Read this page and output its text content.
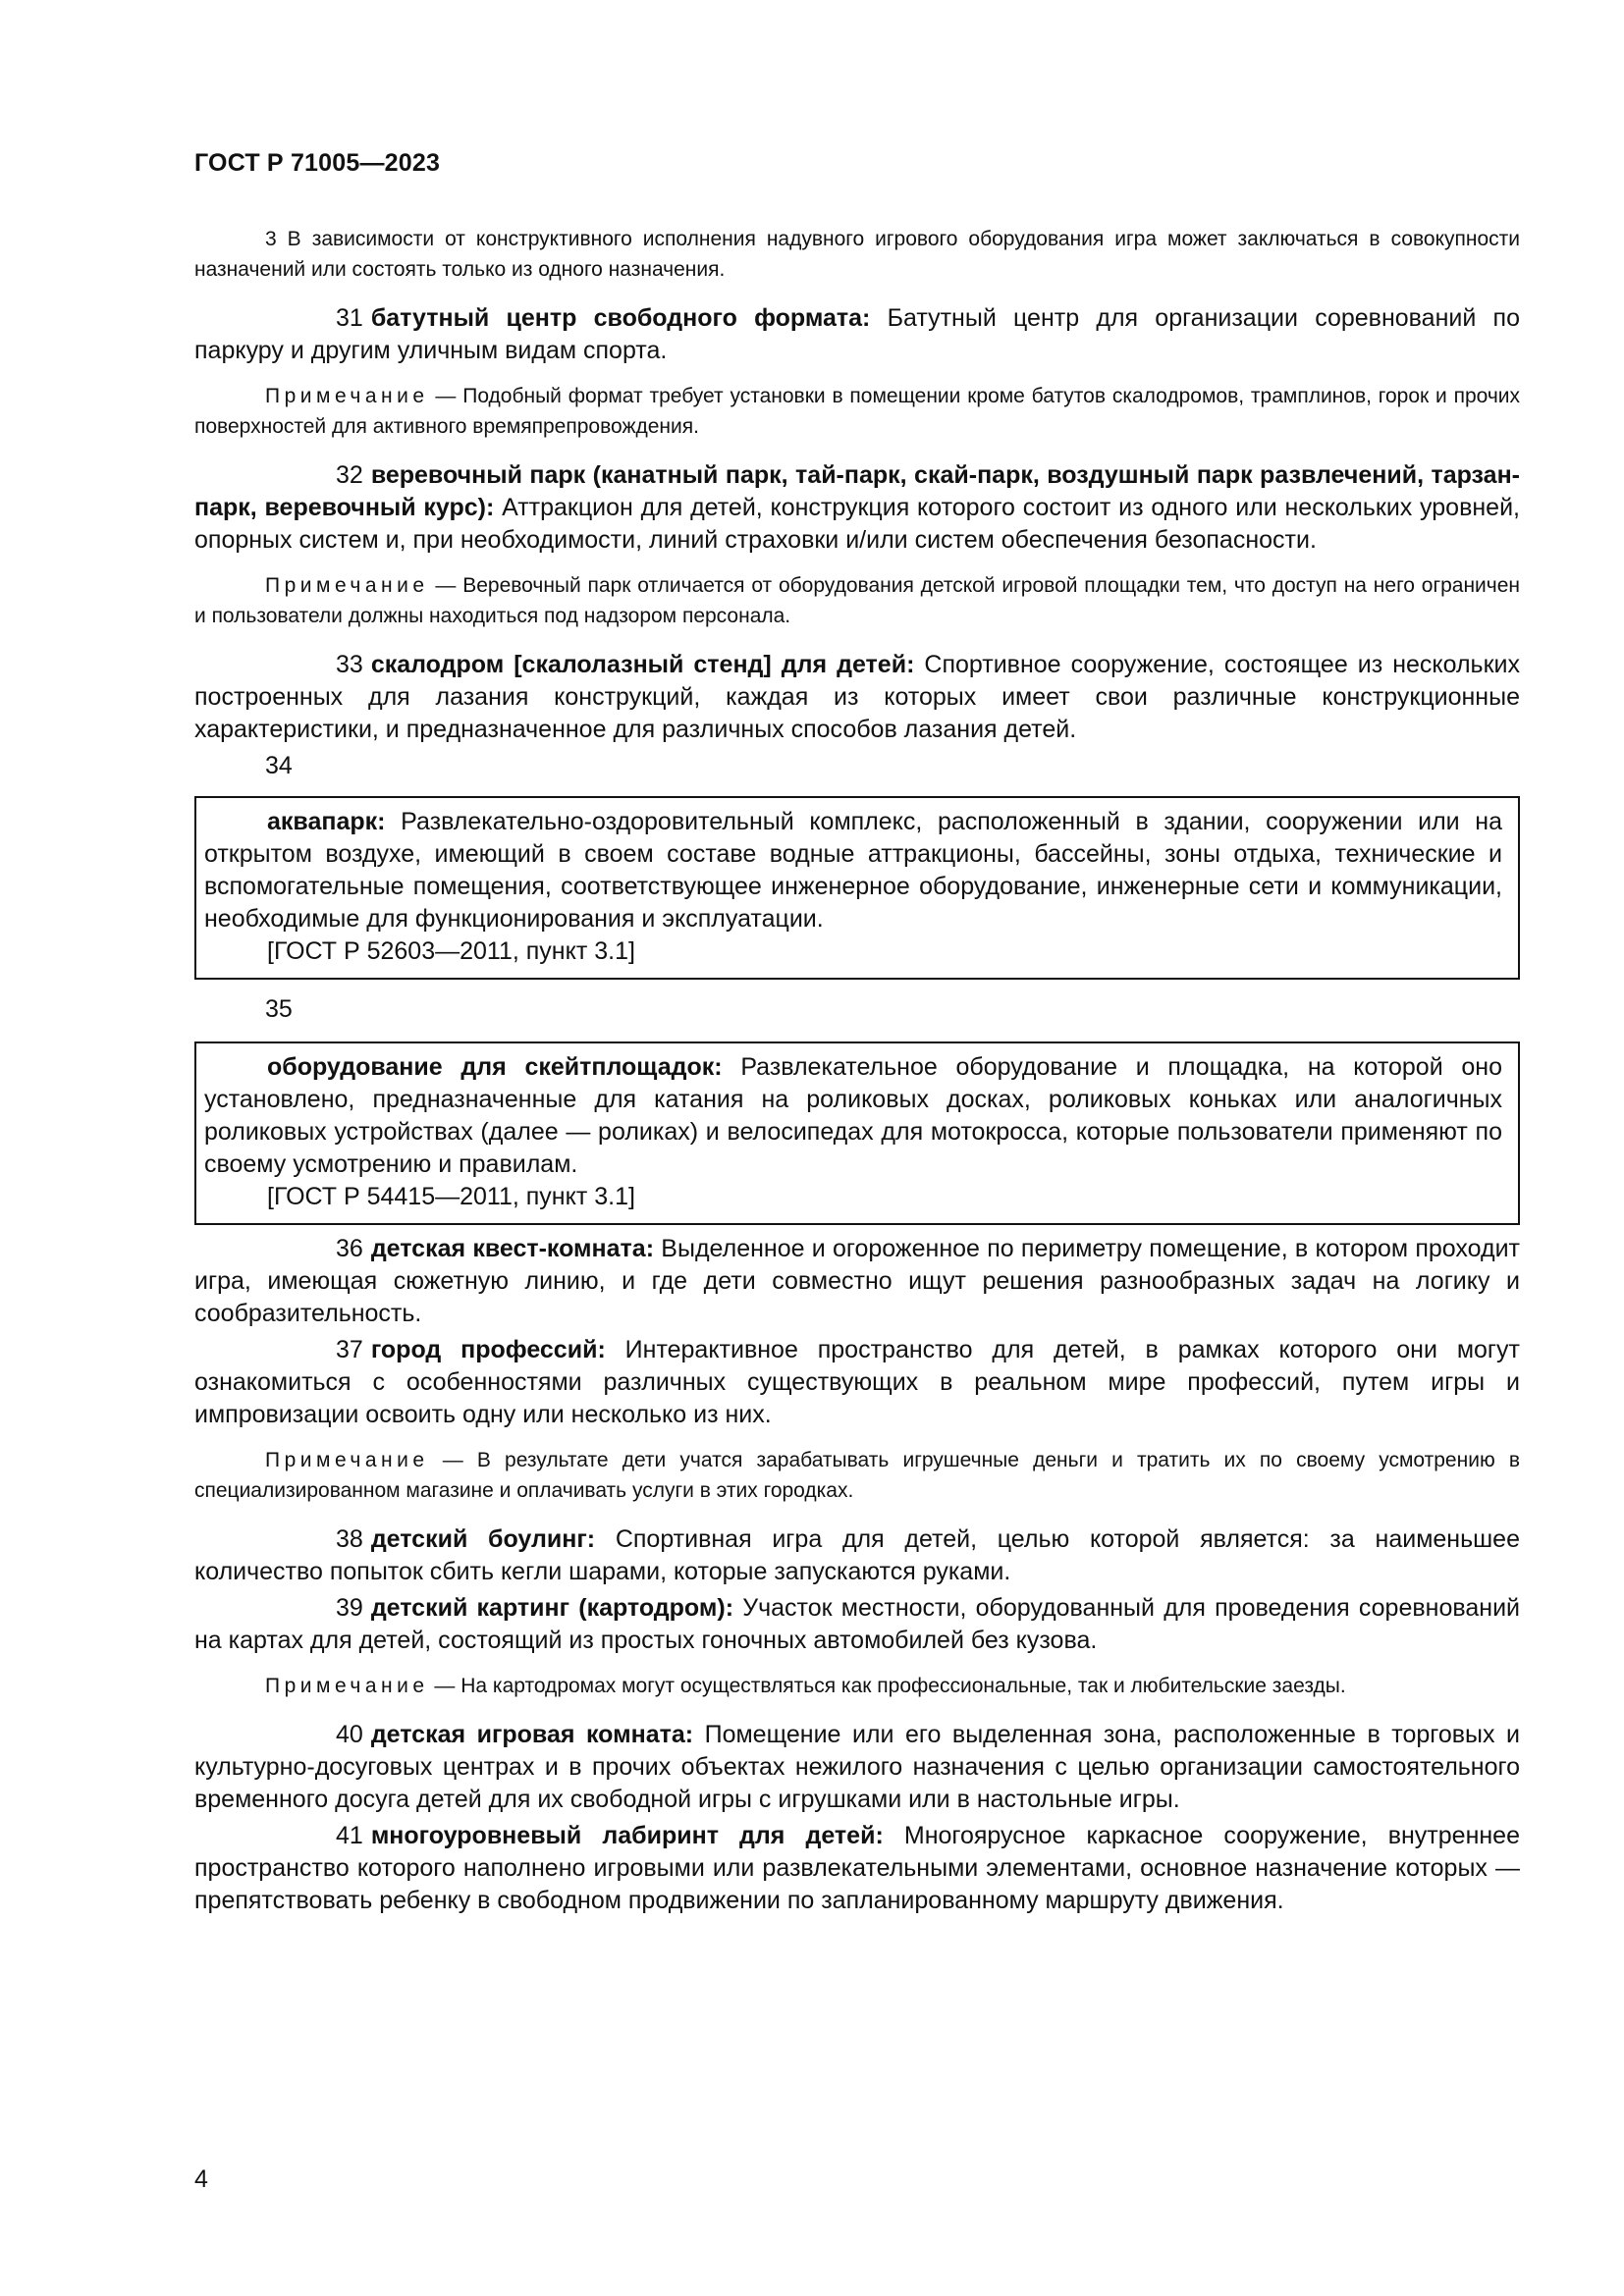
ГОСТ Р 71005—2023

3 В зависимости от конструктивного исполнения надувного игрового оборудования игра может заключаться в совокупности назначений или состоять только из одного назначения.

31 батутный центр свободного формата: Батутный центр для организации соревнований по паркуру и другим уличным видам спорта.

Примечание — Подобный формат требует установки в помещении кроме батутов скалодромов, трамплинов, горок и прочих поверхностей для активного времяпрепровождения.

32 веревочный парк (канатный парк, тай-парк, скай-парк, воздушный парк развлечений, тарзан-парк, веревочный курс): Аттракцион для детей, конструкция которого состоит из одного или нескольких уровней, опорных систем и, при необходимости, линий страховки и/или систем обеспечения безопасности.

Примечание — Веревочный парк отличается от оборудования детской игровой площадки тем, что доступ на него ограничен и пользователи должны находиться под надзором персонала.

33 скалодром [скалолазный стенд] для детей: Спортивное сооружение, состоящее из нескольких построенных для лазания конструкций, каждая из которых имеет свои различные конструкционные характеристики, и предназначенное для различных способов лазания детей.

34

аквапарк: Развлекательно-оздоровительный комплекс, расположенный в здании, сооружении или на открытом воздухе, имеющий в своем составе водные аттракционы, бассейны, зоны отдыха, технические и вспомогательные помещения, соответствующее инженерное оборудование, инженерные сети и коммуникации, необходимые для функционирования и эксплуатации.

[ГОСТ Р 52603—2011, пункт 3.1]
35

оборудование для скейтплощадок: Развлекательное оборудование и площадка, на которой оно установлено, предназначенные для катания на роликовых досках, роликовых коньках или аналогичных роликовых устройствах (далее — роликах) и велосипедах для мотокросса, которые пользователи применяют по своему усмотрению и правилам.

[ГОСТ Р 54415—2011, пункт 3.1]

36 детская квест-комната: Выделенное и огороженное по периметру помещение, в котором проходит игра, имеющая сюжетную линию, и где дети совместно ищут решения разнообразных задач на логику и сообразительность.

37 город профессий: Интерактивное пространство для детей, в рамках которого они могут ознакомиться с особенностями различных существующих в реальном мире профессий, путем игры и импровизации освоить одну или несколько из них.

Примечание — В результате дети учатся зарабатывать игрушечные деньги и тратить их по своему усмотрению в специализированном магазине и оплачивать услуги в этих городках.

38 детский боулинг: Спортивная игра для детей, целью которой является: за наименьшее количество попыток сбить кегли шарами, которые запускаются руками.

39 детский картинг (картодром): Участок местности, оборудованный для проведения соревнований на картах для детей, состоящий из простых гоночных автомобилей без кузова.

Примечание — На картодромах могут осуществляться как профессиональные, так и любительские заезды.

40 детская игровая комната: Помещение или его выделенная зона, расположенные в торговых и культурно-досуговых центрах и в прочих объектах нежилого назначения с целью организации самостоятельного временного досуга детей для их свободной игры с игрушками или в настольные игры.

41 многоуровневый лабиринт для детей: Многоярусное каркасное сооружение, внутреннее пространство которого наполнено игровыми или развлекательными элементами, основное назначение которых — препятствовать ребенку в свободном продвижении по запланированному маршруту движения.

4
